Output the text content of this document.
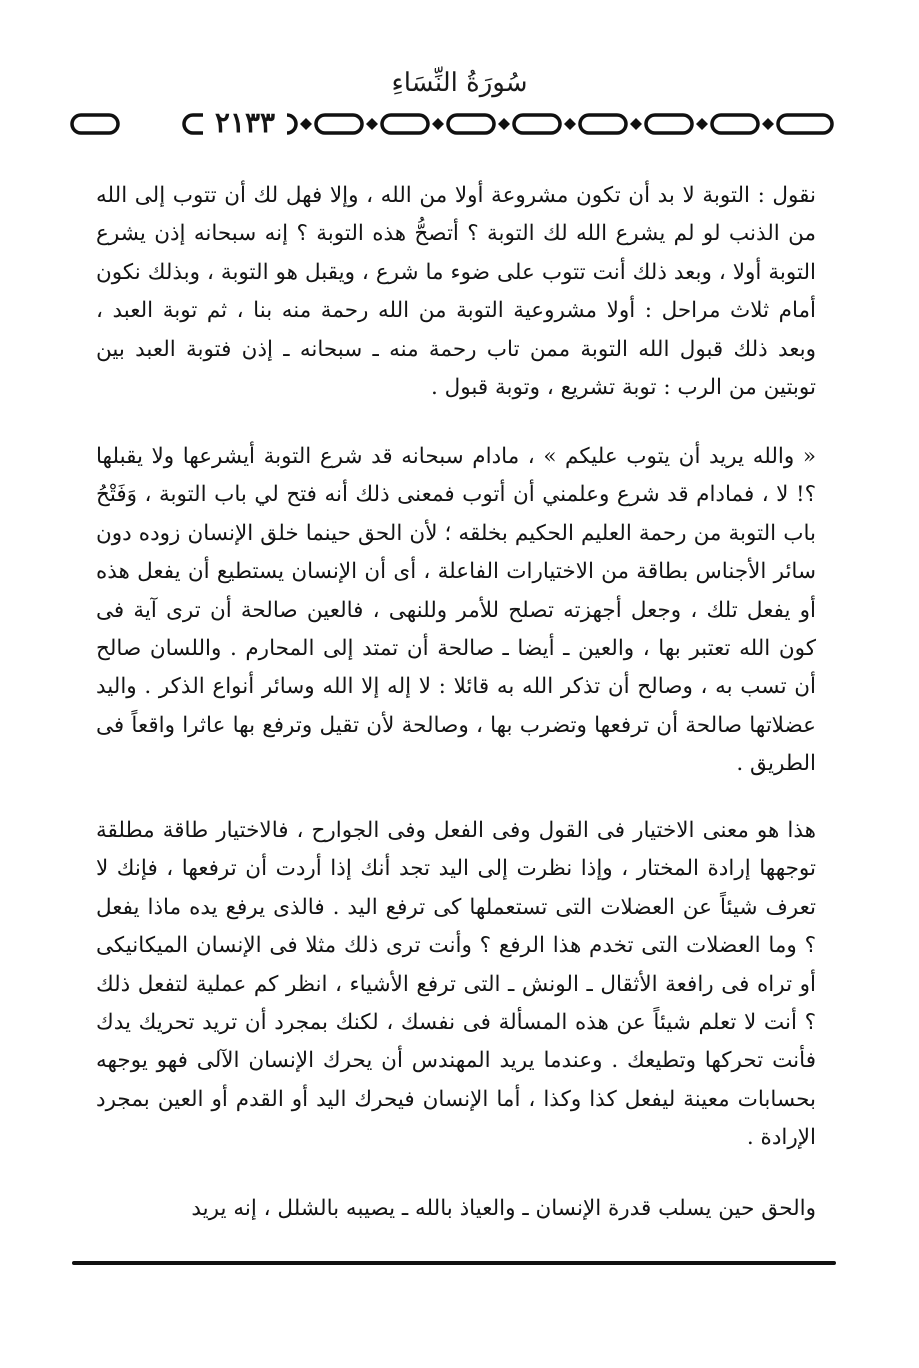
سُورَةُ النِّسَاءِ
٢١٣٣

نقول : التوبة لا بد أن تكون مشروعة أولا من الله ، وإلا فهل لك أن تتوب إلى الله من الذنب لو لم يشرع الله لك التوبة ؟ أتصحُّ هذه التوبة ؟ إنه سبحانه إذن يشرع التوبة أولا ، وبعد ذلك أنت تتوب على ضوء ما شرع ، ويقبل هو التوبة ، وبذلك نكون أمام ثلاث مراحل : أولا مشروعية التوبة من الله رحمة منه بنا ، ثم توبة العبد ، وبعد ذلك قبول الله التوبة ممن تاب رحمة منه ـ سبحانه ـ إذن فتوبة العبد بين توبتين من الرب : توبة تشريع ، وتوبة قبول .

« والله يريد أن يتوب عليكم » ، مادام سبحانه قد شرع التوبة أيشرعها ولا يقبلها ؟! لا ، فمادام قد شرع وعلمني أن أتوب فمعنى ذلك أنه فتح لي باب التوبة ، وَفَتْحُ باب التوبة من رحمة العليم الحكيم بخلقه ؛ لأن الحق حينما خلق الإنسان زوده دون سائر الأجناس بطاقة من الاختيارات الفاعلة ، أى أن الإنسان يستطيع أن يفعل هذه أو يفعل تلك ، وجعل أجهزته تصلح للأمر وللنهى ، فالعين صالحة أن ترى آية فى كون الله تعتبر بها ، والعين ـ أيضا ـ صالحة أن تمتد إلى المحارم . واللسان صالح أن تسب به ، وصالح أن تذكر الله به قائلا : لا إله إلا الله وسائر أنواع الذكر . واليد عضلاتها صالحة أن ترفعها وتضرب بها ، وصالحة لأن تقيل وترفع بها عاثرا واقعاً فى الطريق .

هذا هو معنى الاختيار فى القول وفى الفعل وفى الجوارح ، فالاختيار طاقة مطلقة توجهها إرادة المختار ، وإذا نظرت إلى اليد تجد أنك إذا أردت أن ترفعها ، فإنك لا تعرف شيئاً عن العضلات التى تستعملها كى ترفع اليد . فالذى يرفع يده ماذا يفعل ؟ وما العضلات التى تخدم هذا الرفع ؟ وأنت ترى ذلك مثلا فى الإنسان الميكانيكى أو تراه فى رافعة الأثقال ـ الونش ـ التى ترفع الأشياء ، انظر كم عملية لتفعل ذلك ؟ أنت لا تعلم شيئاً عن هذه المسألة فى نفسك ، لكنك بمجرد أن تريد تحريك يدك فأنت تحركها وتطيعك . وعندما يريد المهندس أن يحرك الإنسان الآلى فهو يوجهه بحسابات معينة ليفعل كذا وكذا ، أما الإنسان فيحرك اليد أو القدم أو العين بمجرد الإرادة .

والحق حين يسلب قدرة الإنسان ـ والعياذ بالله ـ يصيبه بالشلل ، إنه يريد
